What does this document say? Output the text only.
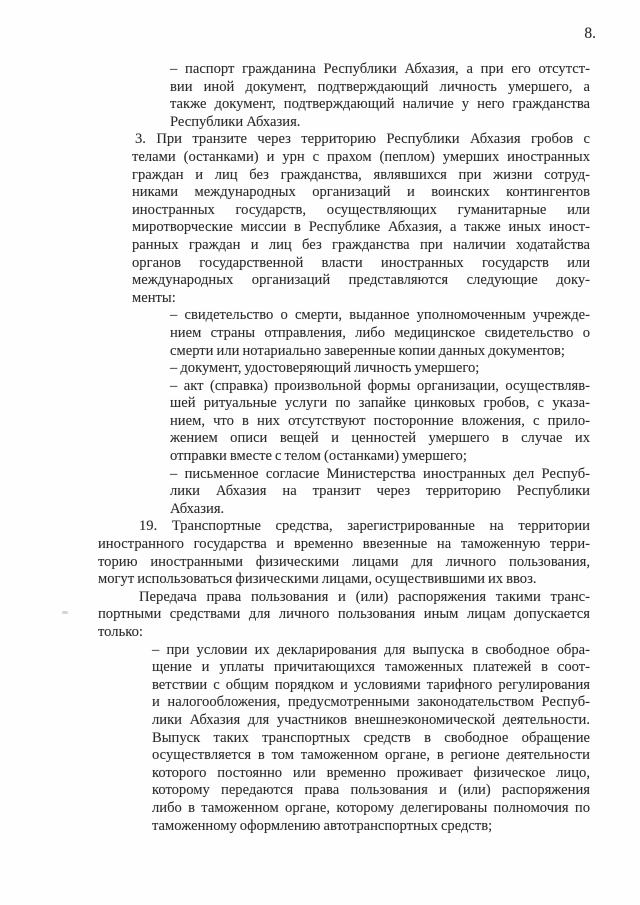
8.
– паспорт гражданина Республики Абхазия, а при его отсутст-
вии иной документ, подтверждающий личность умершего, а
также документ, подтверждающий наличие у него гражданства
Республики Абхазия.
3. При транзите через территорию Республики Абхазия гробов с
телами (останками) и урн с прахом (пеплом) умерших иностранных
граждан и лиц без гражданства, являвшихся при жизни сотруд-
никами международных организаций и воинских контингентов
иностранных государств, осуществляющих гуманитарные или
миротворческие миссии в Республике Абхазия, а также иных иност-
ранных граждан и лиц без гражданства при наличии ходатайства
органов государственной власти иностранных государств или
международных организаций представляются следующие доку-
менты:
– свидетельство о смерти, выданное уполномоченным учрежде-
нием страны отправления, либо медицинское свидетельство о
смерти или нотариально заверенные копии данных документов;
– документ, удостоверяющий личность умершего;
– акт (справка) произвольной формы организации, осуществляв-
шей ритуальные услуги по запайке цинковых гробов, с указа-
нием, что в них отсутствуют посторонние вложения, с прило-
жением описи вещей и ценностей умершего в случае их
отправки вместе с телом (останками) умершего;
– письменное согласие Министерства иностранных дел Респуб-
лики Абхазия на транзит через территорию Республики
Абхазия.
19. Транспортные средства, зарегистрированные на территории
иностранного государства и временно ввезенные на таможенную терри-
торию иностранными физическими лицами для личного пользования,
могут использоваться физическими лицами, осуществившими их ввоз.
Передача права пользования и (или) распоряжения такими транс-
портными средствами для личного пользования иным лицам допускается
только:
– при условии их декларирования для выпуска в свободное обра-
щение и уплаты причитающихся таможенных платежей в соот-
ветствии с общим порядком и условиями тарифного регулирования
и налогообложения, предусмотренными законодательством Респуб-
лики Абхазия для участников внешнеэкономической деятельности.
Выпуск таких транспортных средств в свободное обращение
осуществляется в том таможенном органе, в регионе деятельности
которого постоянно или временно проживает физическое лицо,
которому передаются права пользования и (или) распоряжения
либо в таможенном органе, которому делегированы полномочия по
таможенному оформлению автотранспортных средств;
